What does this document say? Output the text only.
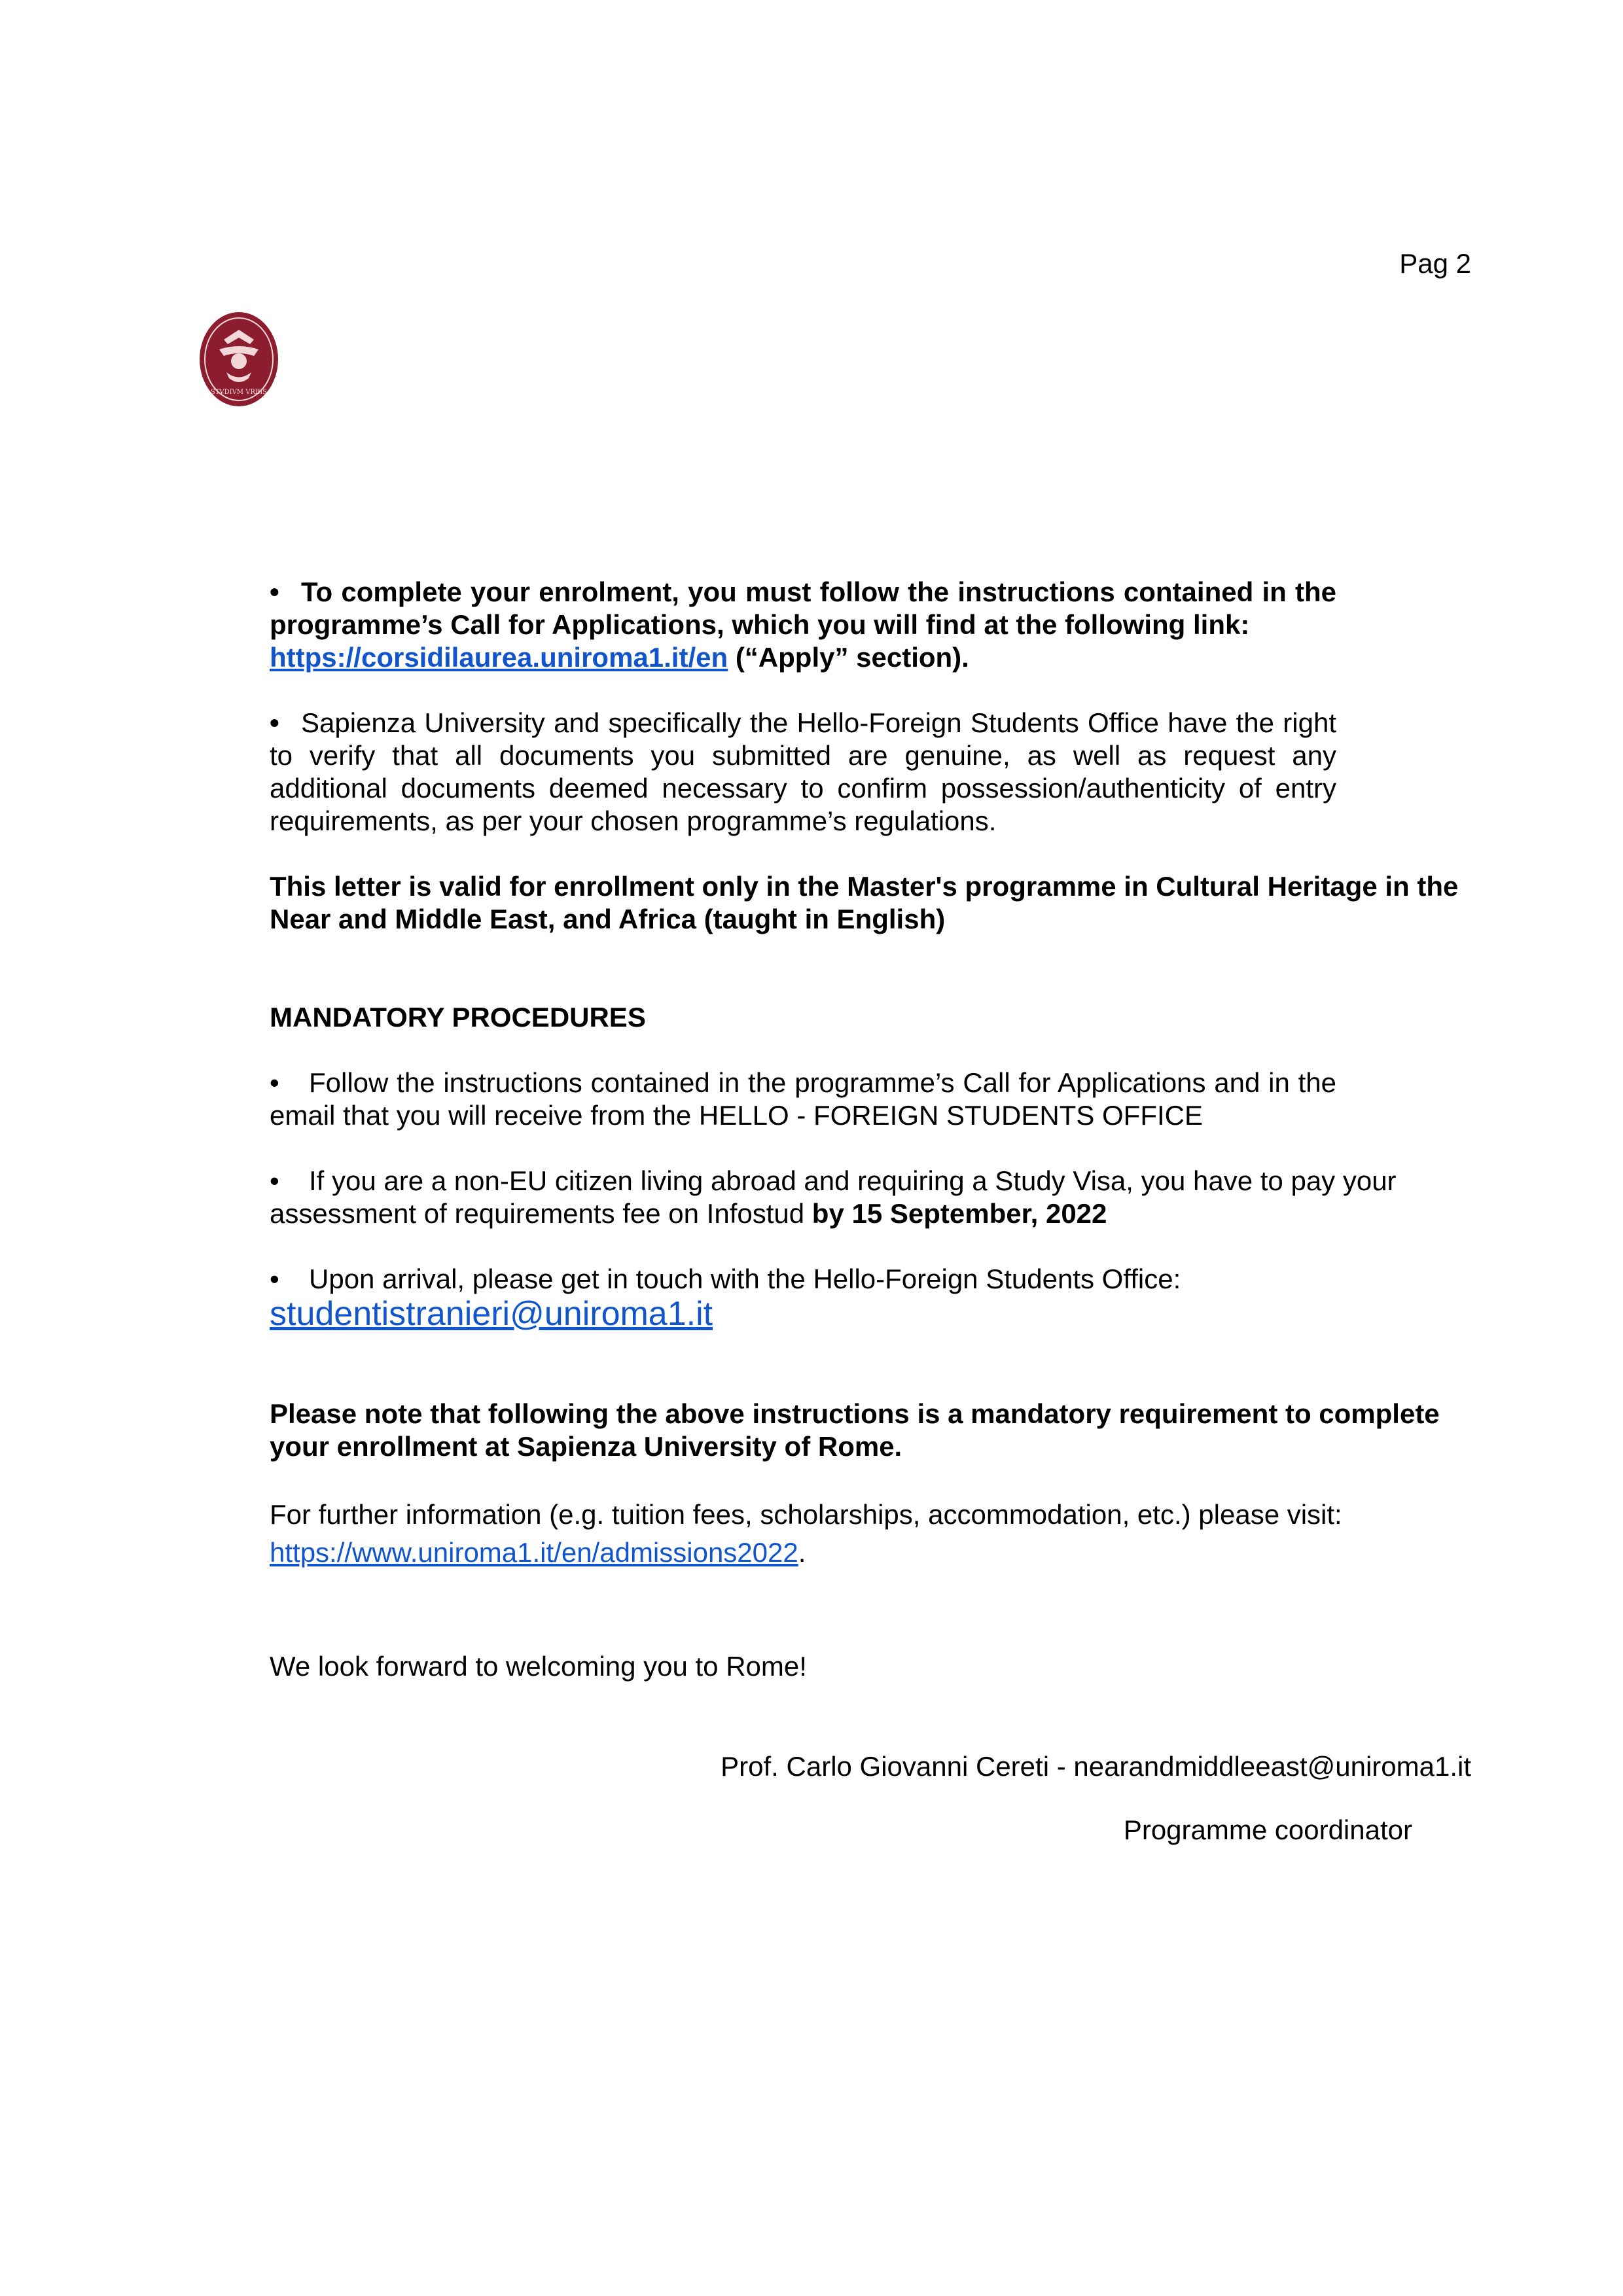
Pag 2
STVDIVM VRBIS

• To complete your enrolment, you must follow the instructions contained in the programme’s Call for Applications, which you will find at the following link:
https://corsidilaurea.uniroma1.it/en (“Apply” section).

• Sapienza University and specifically the Hello-Foreign Students Office have the right to verify that all documents you submitted are genuine, as well as request any additional documents deemed necessary to confirm possession/authenticity of entry requirements, as per your chosen programme’s regulations.

This letter is valid for enrollment only in the Master's programme in Cultural Heritage in the Near and Middle East, and Africa (taught in English)

MANDATORY PROCEDURES

• Follow the instructions contained in the programme’s Call for Applications and in the email that you will receive from the HELLO - FOREIGN STUDENTS OFFICE

• If you are a non-EU citizen living abroad and requiring a Study Visa, you have to pay your assessment of requirements fee on Infostud by 15 September, 2022

• Upon arrival, please get in touch with the Hello-Foreign Students Office:
studentistranieri@uniroma1.it

Please note that following the above instructions is a mandatory requirement to complete your enrollment at Sapienza University of Rome.

For further information (e.g. tuition fees, scholarships, accommodation, etc.) please visit:
https://www.uniroma1.it/en/admissions2022.

We look forward to welcoming you to Rome!

Prof. Carlo Giovanni Cereti - nearandmiddleeast@uniroma1.it
Programme coordinator
